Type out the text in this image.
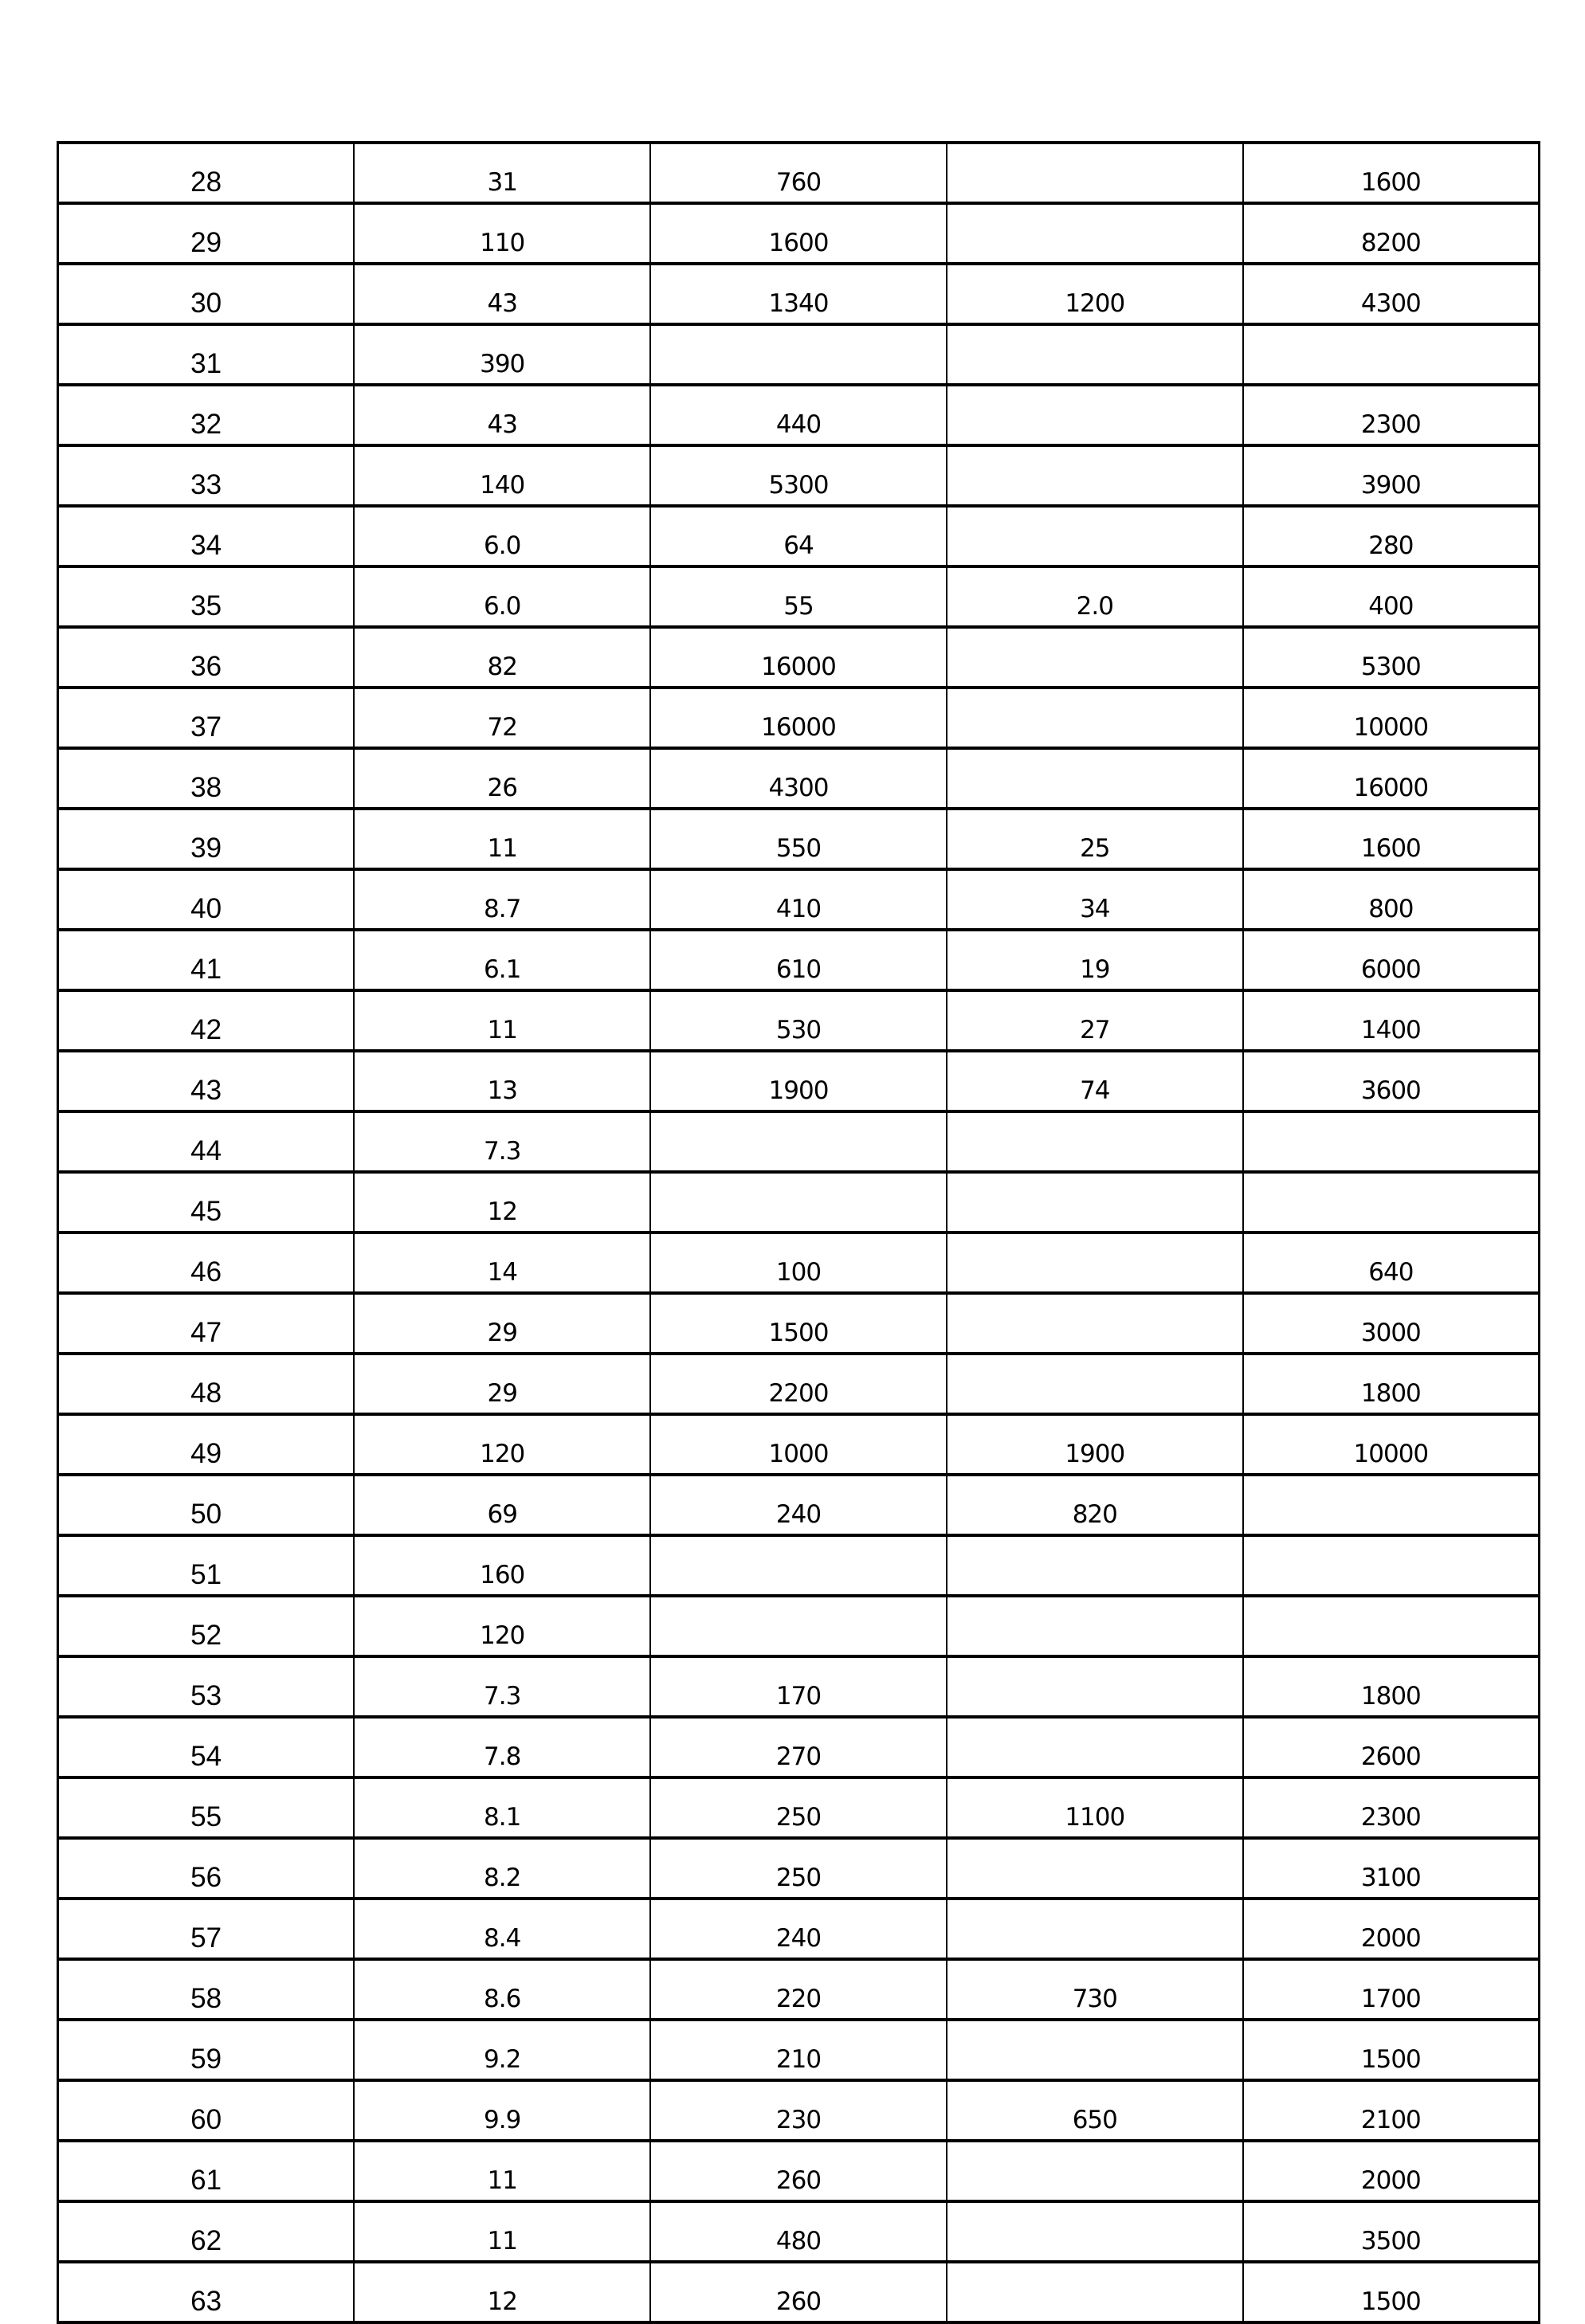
28	31	760		1600
29	110	1600		8200
30	43	1340	1200	4300
31	390			
32	43	440		2300
33	140	5300		3900
34	6.0	64		280
35	6.0	55	2.0	400
36	82	16000		5300
37	72	16000		10000
38	26	4300		16000
39	11	550	25	1600
40	8.7	410	34	800
41	6.1	610	19	6000
42	11	530	27	1400
43	13	1900	74	3600
44	7.3			
45	12			
46	14	100		640
47	29	1500		3000
48	29	2200		1800
49	120	1000	1900	10000
50	69	240	820	
51	160			
52	120			
53	7.3	170		1800
54	7.8	270		2600
55	8.1	250	1100	2300
56	8.2	250		3100
57	8.4	240		2000
58	8.6	220	730	1700
59	9.2	210		1500
60	9.9	230	650	2100
61	11	260		2000
62	11	480		3500
63	12	260		1500
